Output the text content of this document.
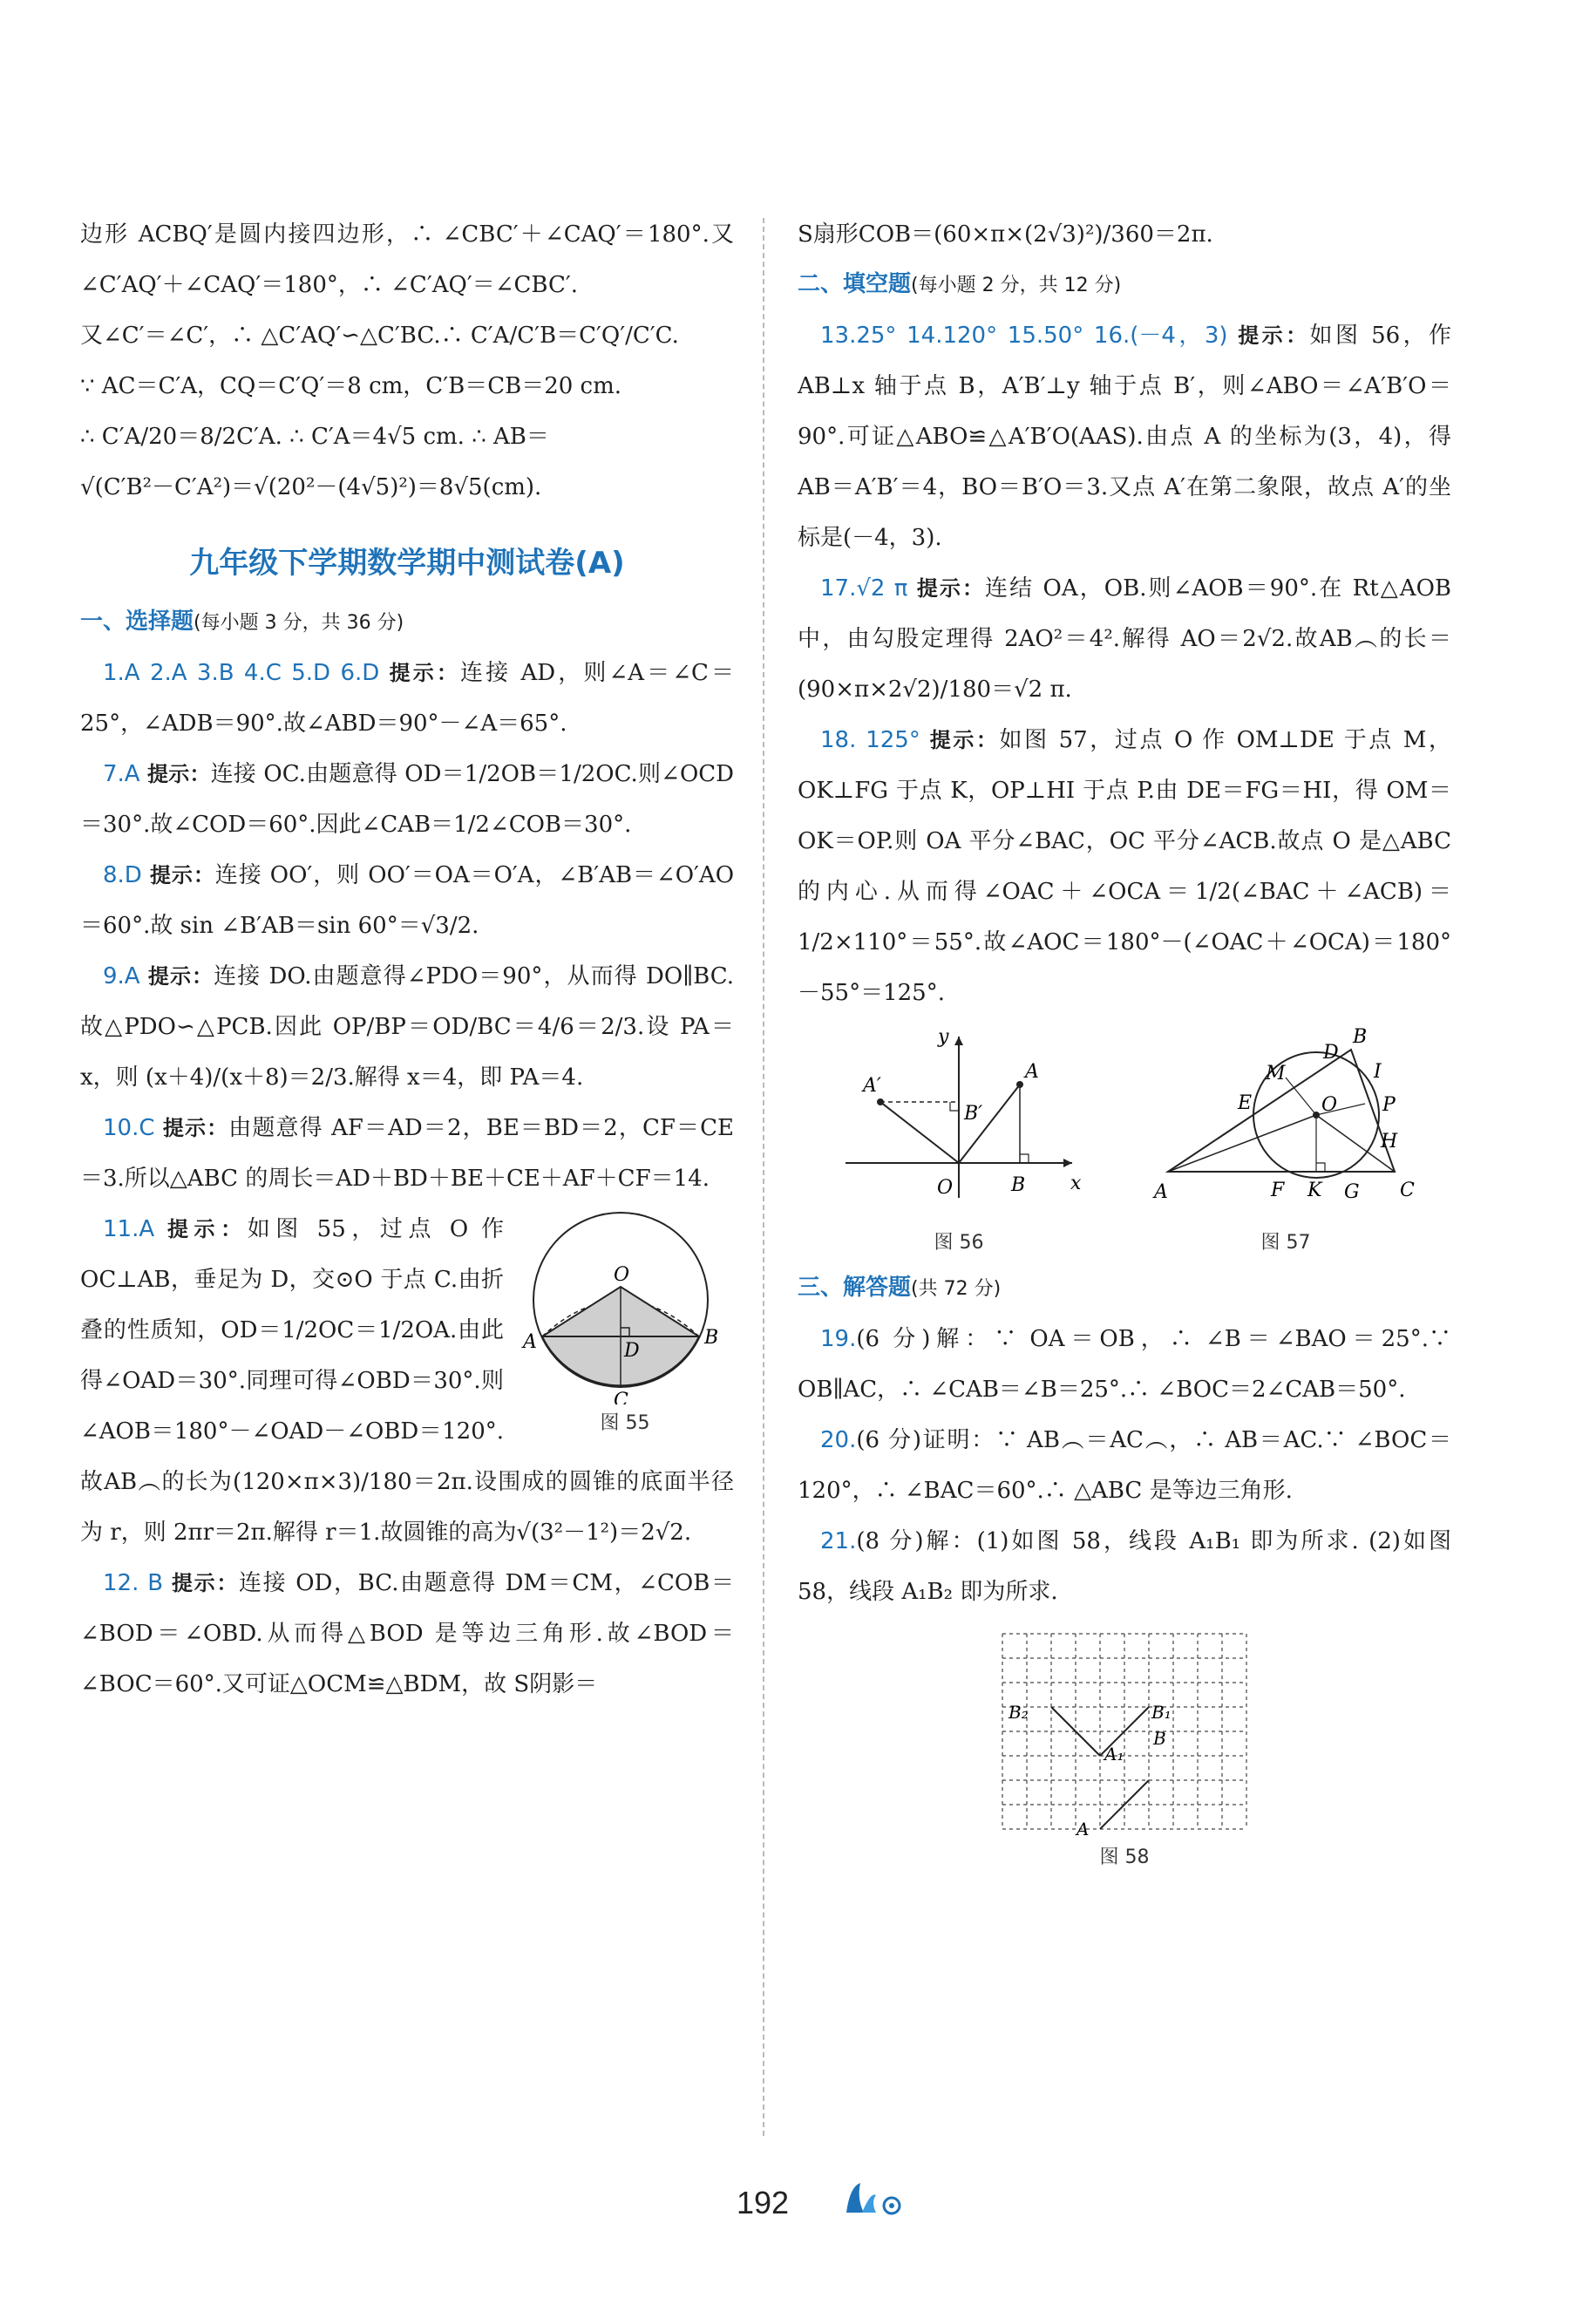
边形 ACBQ′是圆内接四边形，∴ ∠CBC′＋∠CAQ′＝180°.又∠C′AQ′＋∠CAQ′＝180°，∴ ∠C′AQ′＝∠CBC′.

又∠C′＝∠C′，∴ △C′AQ′∽△C′BC.∴ C′A/C′B＝C′Q′/C′C.

∵ AC＝C′A，CQ＝C′Q′＝8 cm，C′B＝CB＝20 cm.

∴ C′A/20＝8/2C′A. ∴ C′A＝4√5 cm. ∴ AB＝

√(C′B²－C′A²)＝√(20²－(4√5)²)＝8√5(cm).

九年级下学期数学期中测试卷(A)
一、选择题(每小题 3 分，共 36 分)

 1.A 2.A 3.B 4.C 5.D 6.D 提示：连接 AD，则∠A＝∠C＝25°，∠ADB＝90°.故∠ABD＝90°－∠A＝65°.

 7.A 提示：连接 OC.由题意得 OD＝1/2OB＝1/2OC.则∠OCD＝30°.故∠COD＝60°.因此∠CAB＝1/2∠COB＝30°.

 8.D 提示：连接 OO′，则 OO′＝OA＝O′A，∠B′AB＝∠O′AO＝60°.故 sin ∠B′AB＝sin 60°＝√3/2.

 9.A 提示：连接 DO.由题意得∠PDO＝90°，从而得 DO∥BC.故△PDO∽△PCB.因此 OP/BP＝OD/BC＝4/6＝2/3.设 PA＝x，则 (x＋4)/(x＋8)＝2/3.解得 x＝4，即 PA＝4.

 10.C 提示：由题意得 AF＝AD＝2，BE＝BD＝2，CF＝CE＝3.所以△ABC 的周长＝AD＋BD＋BE＋CE＋AF＋CF＝14.

O
A	B
C
D
图 55

 11.A 提示：如图 55，过点 O 作 OC⊥AB，垂足为 D，交⊙O 于点 C.由折叠的性质知，OD＝1/2OC＝1/2OA.由此得∠OAD＝30°.同理可得∠OBD＝30°.则∠AOB＝180°－∠OAD－∠OBD＝120°.故AB︵的长为(120×π×3)/180＝2π.设围成的圆锥的底面半径为 r，则 2πr＝2π.解得 r＝1.故圆锥的高为√(3²－1²)＝2√2.

 12. B 提示：连接 OD，BC.由题意得 DM＝CM，∠COB＝∠BOD＝∠OBD.从而得△BOD 是等边三角形.故∠BOD＝∠BOC＝60°.又可证△OCM≌△BDM，故 S阴影＝

S扇形COB＝(60×π×(2√3)²)/360＝2π.

二、填空题(每小题 2 分，共 12 分)

 13.25° 14.120° 15.50° 16.(－4，3) 提示：如图 56，作 AB⊥x 轴于点 B，A′B′⊥y 轴于点 B′，则∠ABO＝∠A′B′O＝90°.可证△ABO≌△A′B′O(AAS).由点 A 的坐标为(3，4)，得 AB＝A′B′＝4，BO＝B′O＝3.又点 A′在第二象限，故点 A′的坐标是(－4，3).

 17.√2 π 提示：连结 OA，OB.则∠AOB＝90°.在 Rt△AOB 中，由勾股定理得 2AO²＝4².解得 AO＝2√2.故AB︵的长＝(90×π×2√2)/180＝√2 π.

 18. 125° 提示：如图 57，过点 O 作 OM⊥DE 于点 M，OK⊥FG 于点 K，OP⊥HI 于点 P.由 DE＝FG＝HI，得 OM＝OK＝OP.则 OA 平分∠BAC，OC 平分∠ACB.故点 O 是△ABC 的内心.从而得∠OAC＋∠OCA＝1/2(∠BAC＋∠ACB)＝1/2×110°＝55°.故∠AOC＝180°－(∠OAC＋∠OCA)＝180°－55°＝125°.

y
x
A
A′
B
B′
O
图 56
A
B
C
D
E
F	G
H
I
K
M
O P
图 57
三、解答题(共 72 分)

 19.(6 分)解：∵ OA＝OB，∴ ∠B＝∠BAO＝25°.∵ OB∥AC，∴ ∠CAB＝∠B＝25°.∴ ∠BOC＝2∠CAB＝50°.

 20.(6 分)证明：∵ AB︵＝AC︵，∴ AB＝AC.∵ ∠BOC＝120°，∴ ∠BAC＝60°.∴ △ABC 是等边三角形.

 21.(8 分)解：(1)如图 58，线段 A₁B₁ 即为所求. (2)如图 58，线段 A₁B₂ 即为所求.

A
A₁
B
B₁
B₂
图 58
192
